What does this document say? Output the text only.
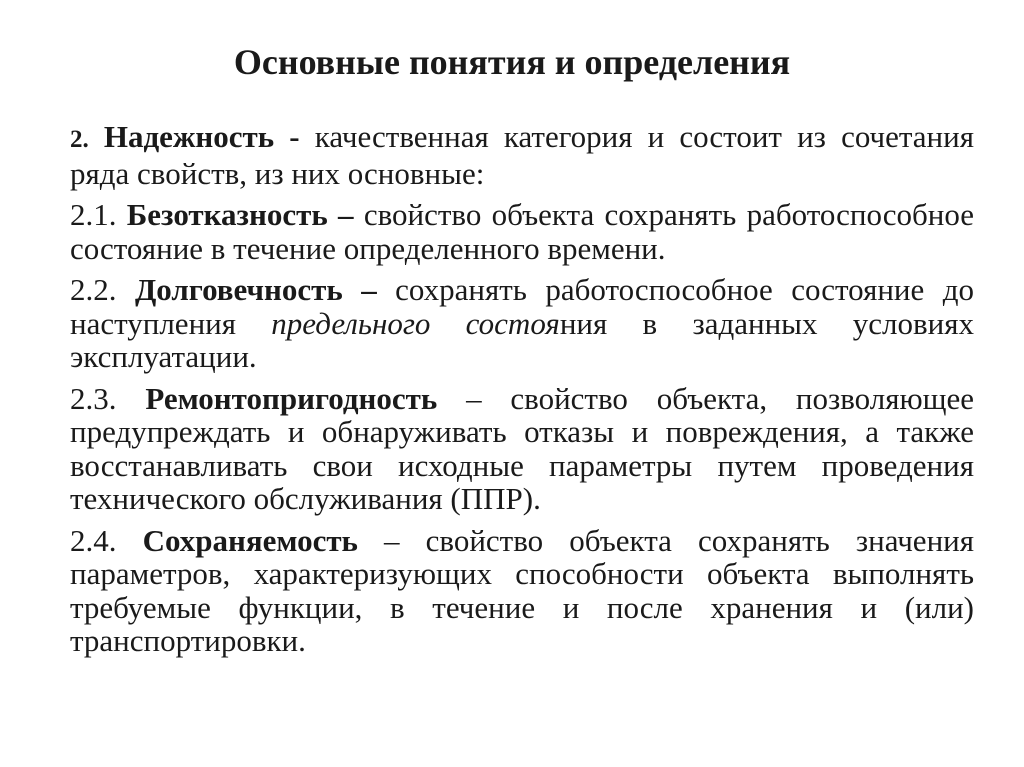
Основные понятия и определения

2. Надежность - качественная категория и состоит из сочетания ряда свойств, из них основные:

2.1. Безотказность – свойство объекта сохранять работоспособное состояние в течение определенного времени.

2.2. Долговечность – сохранять работоспособное состояние до наступления предельного состояния в заданных условиях эксплуатации.

2.3. Ремонтопригодность – свойство объекта, позволяющее предупреждать и обнаруживать отказы и повреждения, а также восстанавливать свои исходные параметры путем проведения технического обслуживания (ППР).

2.4. Сохраняемость – свойство объекта сохранять значения параметров, характеризующих способности объекта выполнять требуемые функции, в течение и после хранения и (или) транспортировки.
